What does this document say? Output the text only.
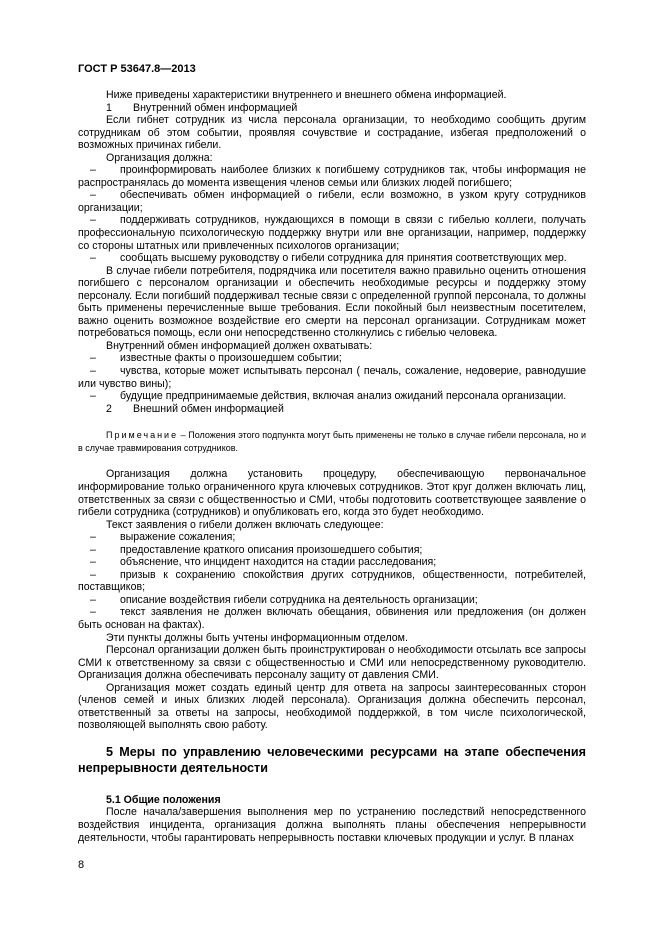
ГОСТ Р 53647.8—2013

Ниже приведены характеристики внутреннего и внешнего обмена информацией.

1 Внутренний обмен информацией

Если гибнет сотрудник из числа персонала организации, то необходимо сообщить другим сотрудникам об этом событии, проявляя сочувствие и сострадание, избегая предположений о возможных причинах гибели.

Организация должна:

– проинформировать наиболее близких к погибшему сотрудников так, чтобы информация не распространялась до момента извещения членов семьи или близких людей погибшего;

– обеспечивать обмен информацией о гибели, если возможно, в узком кругу сотрудников организации;

– поддерживать сотрудников, нуждающихся в помощи в связи с гибелью коллеги, получать профессиональную психологическую поддержку внутри или вне организации, например, поддержку со стороны штатных или привлеченных психологов организации;

– сообщать высшему руководству о гибели сотрудника для принятия соответствующих мер.

В случае гибели потребителя, подрядчика или посетителя важно правильно оценить отношения погибшего с персоналом организации и обеспечить необходимые ресурсы и поддержку этому персоналу. Если погибший поддерживал тесные связи с определенной группой персонала, то должны быть применены перечисленные выше требования. Если покойный был неизвестным посетителем, важно оценить возможное воздействие его смерти на персонал организации. Сотрудникам может потребоваться помощь, если они непосредственно столкнулись с гибелью человека.

Внутренний обмен информацией должен охватывать:

– известные факты о произошедшем событии;

– чувства, которые может испытывать персонал ( печаль, сожаление, недоверие, равнодушие или чувство вины);

– будущие предпринимаемые действия, включая анализ ожиданий персонала организации.

2 Внешний обмен информацией

Примечание – Положения этого подпункта могут быть применены не только в случае гибели персонала, но и в случае травмирования сотрудников.

Организация должна установить процедуру, обеспечивающую первоначальное информирование только ограниченного круга ключевых сотрудников. Этот круг должен включать лиц, ответственных за связи с общественностью и СМИ, чтобы подготовить соответствующее заявление о гибели сотрудника (сотрудников) и опубликовать его, когда это будет необходимо.

Текст заявления о гибели должен включать следующее:

– выражение сожаления;

– предоставление краткого описания произошедшего события;

– объяснение, что инцидент находится на стадии расследования;

– призыв к сохранению спокойствия других сотрудников, общественности, потребителей, поставщиков;

– описание воздействия гибели сотрудника на деятельность организации;

– текст заявления не должен включать обещания, обвинения или предложения (он должен быть основан на фактах).

Эти пункты должны быть учтены информационным отделом.

Персонал организации должен быть проинструктирован о необходимости отсылать все запросы СМИ к ответственному за связи с общественностью и СМИ или непосредственному руководителю. Организация должна обеспечивать персоналу защиту от давления СМИ.

Организация может создать единый центр для ответа на запросы заинтересованных сторон (членов семей и иных близких людей персонала). Организация должна обеспечить персонал, ответственный за ответы на запросы, необходимой поддержкой, в том числе психологической, позволяющей выполнять свою работу.

5 Меры по управлению человеческими ресурсами на этапе обеспечения непрерывности деятельности

5.1 Общие положения

После начала/завершения выполнения мер по устранению последствий непосредственного воздействия инцидента, организация должна выполнять планы обеспечения непрерывности деятельности, чтобы гарантировать непрерывность поставки ключевых продукции и услуг. В планах

8
